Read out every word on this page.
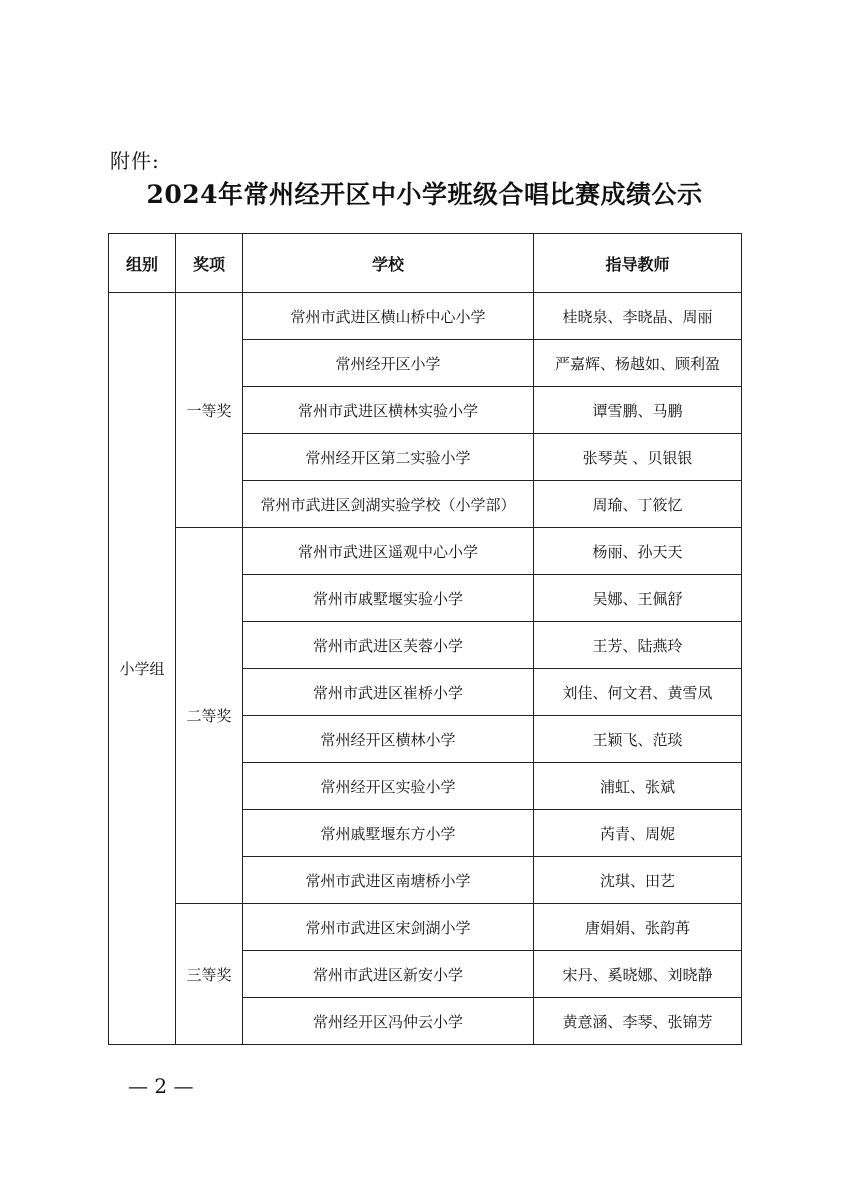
附件:
2024年常州经开区中小学班级合唱比赛成绩公示
组别	奖项	学校	指导教师
小学组	一等奖	常州市武进区横山桥中心小学	桂晓泉、李晓晶、周丽
		常州经开区小学	严嘉辉、杨越如、顾利盈
		常州市武进区横林实验小学	谭雪鹏、马鹏
		常州经开区第二实验小学	张琴英 、贝银银
		常州市武进区剑湖实验学校（小学部）	周瑜、丁筱忆
	二等奖	常州市武进区遥观中心小学	杨丽、孙天天
		常州市戚墅堰实验小学	吴娜、王佩舒
		常州市武进区芙蓉小学	王芳、陆燕玲
		常州市武进区崔桥小学	刘佳、何文君、黄雪凤
		常州经开区横林小学	王颖飞、范琰
		常州经开区实验小学	浦虹、张斌
		常州戚墅堰东方小学	芮青、周妮
		常州市武进区南塘桥小学	沈琪、田艺
	三等奖	常州市武进区宋剑湖小学	唐娟娟、张韵苒
		常州市武进区新安小学	宋丹、奚晓娜、刘晓静
		常州经开区冯仲云小学	黄意涵、李琴、张锦芳
— 2 —
